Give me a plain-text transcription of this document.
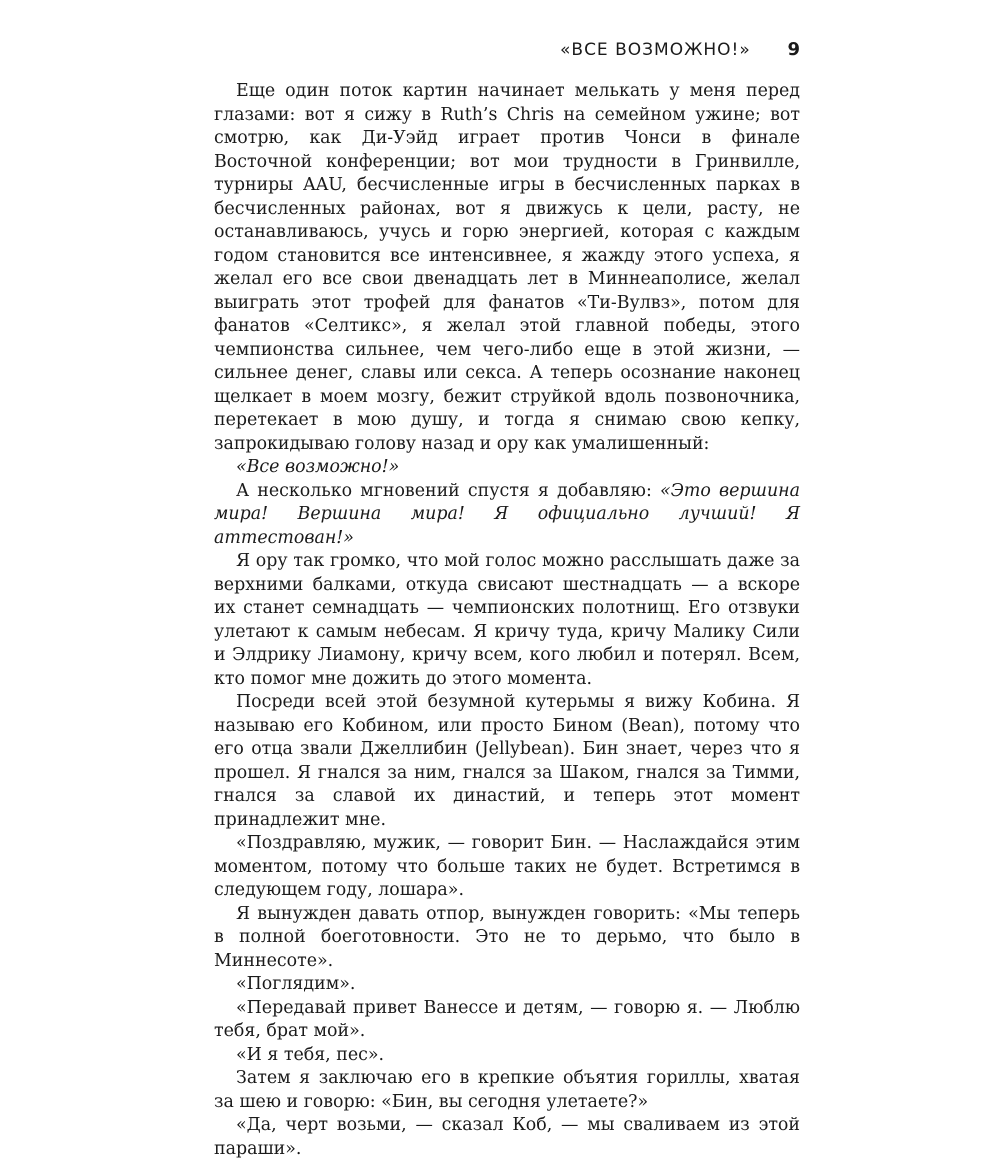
«ВСЕ ВОЗМОЖНО!» 9

Еще один поток картин начинает мелькать у меня перед глазами: вот я сижу в Ruth’s Chris на семейном ужине; вот смотрю, как Ди-Уэйд играет против Чонси в финале Восточной конференции; вот мои трудности в Гринвилле, турниры AAU, бесчисленные игры в бесчисленных парках в бесчисленных районах, вот я движусь к цели, расту, не останавливаюсь, учусь и горю энергией, которая с каждым годом становится все интенсивнее, я жажду этого успеха, я желал его все свои двенадцать лет в Миннеаполисе, желал выиграть этот трофей для фанатов «Ти-Вулвз», потом для фанатов «Селтикс», я желал этой главной победы, этого чемпионства сильнее, чем чего-либо еще в этой жизни, — сильнее денег, славы или секса. А теперь осознание наконец щелкает в моем мозгу, бежит струйкой вдоль позвоночника, перетекает в мою душу, и тогда я снимаю свою кепку, запрокидываю голову назад и ору как умалишенный:

«Все возможно!»

А несколько мгновений спустя я добавляю: «Это вершина мира! Вершина мира! Я официально лучший! Я аттестован!»

Я ору так громко, что мой голос можно расслышать даже за верхними балками, откуда свисают шестнадцать — а вскоре их станет семнадцать — чемпионских полотнищ. Его отзвуки улетают к самым небесам. Я кричу туда, кричу Малику Сили и Элдрику Лиамону, кричу всем, кого любил и потерял. Всем, кто помог мне дожить до этого момента.

Посреди всей этой безумной кутерьмы я вижу Кобина. Я называю его Кобином, или просто Бином (Bean), потому что его отца звали Джеллибин (Jellybean). Бин знает, через что я прошел. Я гнался за ним, гнался за Шаком, гнался за Тимми, гнался за славой их династий, и теперь этот момент принадлежит мне.

«Поздравляю, мужик, — говорит Бин. — Наслаждайся этим моментом, потому что больше таких не будет. Встретимся в следующем году, лошара».

Я вынужден давать отпор, вынужден говорить: «Мы теперь в полной боеготовности. Это не то дерьмо, что было в Миннесоте».

«Поглядим».

«Передавай привет Ванессе и детям, — говорю я. — Люблю тебя, брат мой».

«И я тебя, пес».

Затем я заключаю его в крепкие объятия гориллы, хватая за шею и говорю: «Бин, вы сегодня улетаете?»

«Да, черт возьми, — сказал Коб, — мы сваливаем из этой параши».
